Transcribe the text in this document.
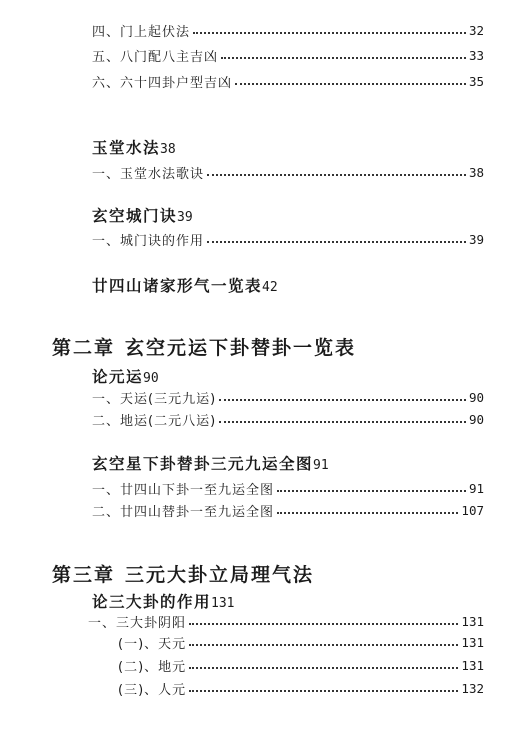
四、门上起伏法	32
五、八门配八主吉凶	33
六、六十四卦户型吉凶	35
玉堂水法38
一、玉堂水法歌诀	38
玄空城门诀39
一、城门诀的作用	39
廿四山诸家形气一览表42
第二章 玄空元运下卦替卦一览表
论元运90
一、天运(三元九运)	90
二、地运(二元八运)	90
玄空星下卦替卦三元九运全图91
一、廿四山下卦一至九运全图	91
二、廿四山替卦一至九运全图	107
第三章 三元大卦立局理气法
论三大卦的作用131
一、三大卦阴阳	131
(一)、天元	131
(二)、地元	131
(三)、人元	132
